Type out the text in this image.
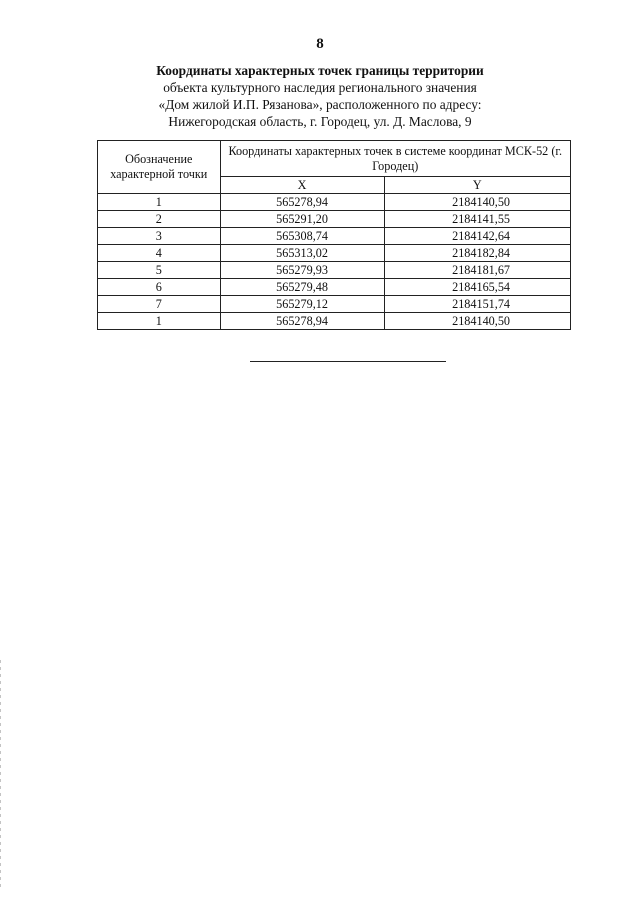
8
Координаты характерных точек границы территории
объекта культурного наследия регионального значения
«Дом жилой И.П. Рязанова», расположенного по адресу:
Нижегородская область, г. Городец, ул. Д. Маслова, 9
Обозначение характерной точки	Координаты характерных точек в системе координат МСК-52 (г. Городец)	
	X	Y
1	565278,94	2184140,50
2	565291,20	2184141,55
3	565308,74	2184142,64
4	565313,02	2184182,84
5	565279,93	2184181,67
6	565279,48	2184165,54
7	565279,12	2184151,74
1	565278,94	2184140,50
